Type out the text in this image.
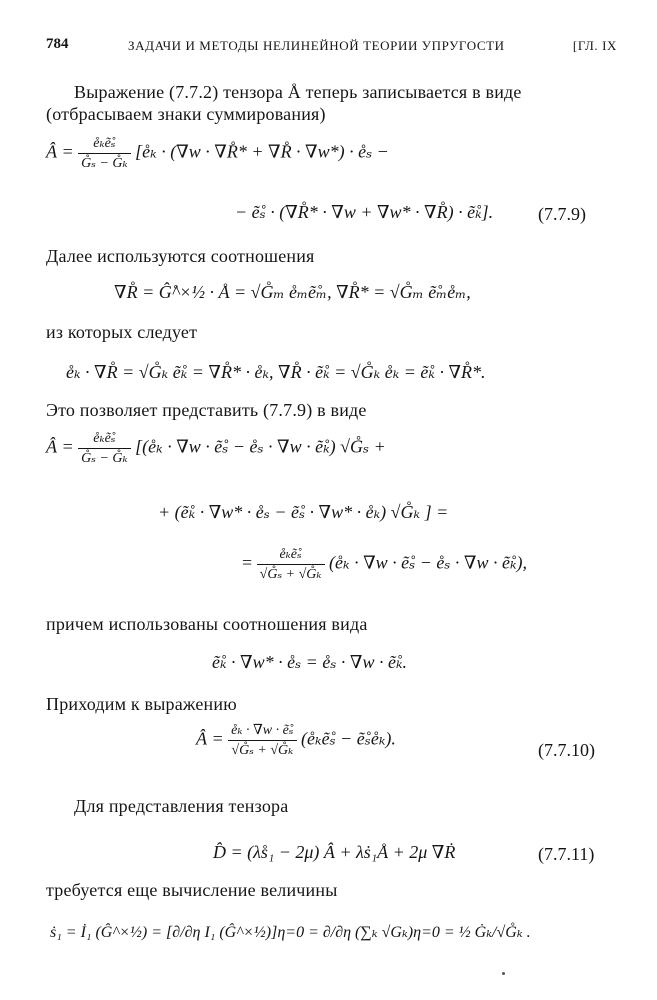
784	ЗАДАЧИ И МЕТОДЫ НЕЛИНЕЙНОЙ ТЕОРИИ УПРУГОСТИ	[ГЛ. IX
Выражение (7.7.2) тензора Å теперь записывается в виде
(отбрасываем знаки суммирования)
Â = $\frac{\text{e̊ₖẽ̊ₛ}}{\text{G̊ₛ − G̊ₖ}}$ [e̊ₖ · (∇w · ∇R̊* + ∇R̊ · ∇w*) · e̊ₛ −
− ẽ̊ₛ · (∇R̊* · ∇w + ∇w* · ∇R̊) · ẽ̊ₖ]. (7.7.9)
Далее используются соотношения
∇R̊ = Ĝ̊^×½ · Å = √G̊ₘ e̊ₘẽ̊ₘ, ∇R̊* = √G̊ₘ ẽ̊ₘe̊ₘ,
из которых следует
e̊ₖ · ∇R̊ = √G̊ₖ ẽ̊ₖ = ∇R̊* · e̊ₖ, ∇R̊ · ẽ̊ₖ = √G̊ₖ e̊ₖ = ẽ̊ₖ · ∇R̊*.
Это позволяет представить (7.7.9) в виде
Â = $\frac{\text{e̊ₖẽ̊ₛ}}{\text{G̊ₛ − G̊ₖ}}$ [(e̊ₖ · ∇w · ẽ̊ₛ − e̊ₛ · ∇w · ẽ̊ₖ) √G̊ₛ +
+ (ẽ̊ₖ · ∇w* · e̊ₛ − ẽ̊ₛ · ∇w* · e̊ₖ) √G̊ₖ ] =
= $\frac{\text{e̊ₖẽ̊ₛ}}{\text{√G̊ₛ + √G̊ₖ}}$ (e̊ₖ · ∇w · ẽ̊ₛ − e̊ₛ · ∇w · ẽ̊ₖ),
причем использованы соотношения вида
ẽ̊ₖ · ∇w* · e̊ₛ = e̊ₛ · ∇w · ẽ̊ₖ.
Приходим к выражению
Â = $\frac{\text{e̊ₖ · ∇w · ẽ̊ₛ}}{\text{√G̊ₛ + √G̊ₖ}}$ (e̊ₖẽ̊ₛ − ẽ̊ₛe̊ₖ).
(7.7.10)
Для представления тензора
D̂ = (λs̊₁ − 2μ) Â + λṡ₁Å + 2μ ∇Ṙ	(7.7.11)
требуется еще вычисление величины
ṡ₁ = İ₁ (Ĝ^×½) = [∂/∂η I₁ (Ĝ^×½)]η=0 = ∂/∂η (∑ₖ √Gₖ)η=0 = ½ Ġₖ/√G̊ₖ .
